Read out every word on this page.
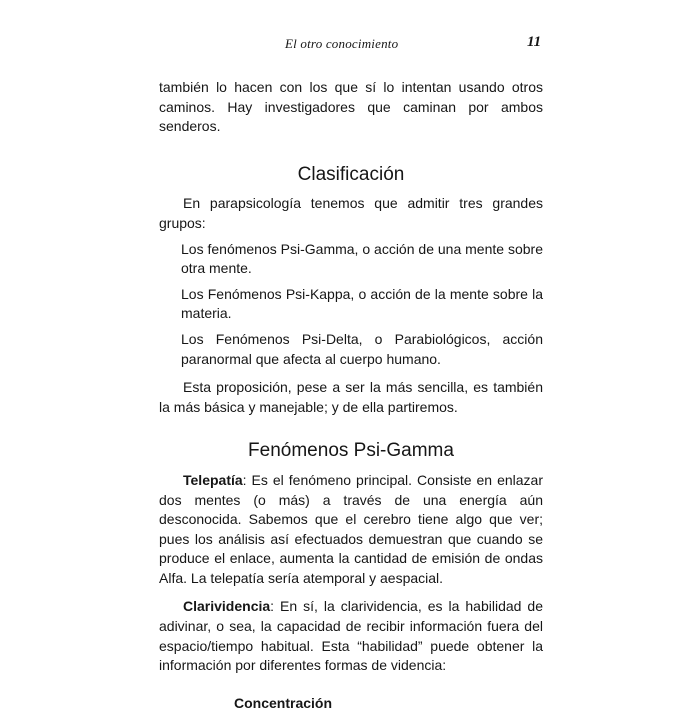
El otro conocimiento	11

también lo hacen con los que sí lo intentan usando otros caminos. Hay investigadores que caminan por ambos senderos.

Clasificación

En parapsicología tenemos que admitir tres grandes grupos:

Los fenómenos Psi-Gamma, o acción de una mente sobre otra mente.

Los Fenómenos Psi-Kappa, o acción de la mente sobre la materia.

Los Fenómenos Psi-Delta, o Parabiológicos, acción paranormal que afecta al cuerpo humano.

Esta proposición, pese a ser la más sencilla, es también la más básica y manejable; y de ella partiremos.

Fenómenos Psi-Gamma

Telepatía: Es el fenómeno principal. Consiste en enlazar dos mentes (o más) a través de una energía aún desconocida. Sabemos que el cerebro tiene algo que ver; pues los análisis así efectuados demuestran que cuando se produce el enlace, aumenta la cantidad de emisión de ondas Alfa. La telepatía sería atemporal y aespacial.

Clarividencia: En sí, la clarividencia, es la habilidad de adivinar, o sea, la capacidad de recibir información fuera del espacio/tiempo habitual. Esta “habilidad” puede obtener la información por diferentes formas de videncia:

Concentración
